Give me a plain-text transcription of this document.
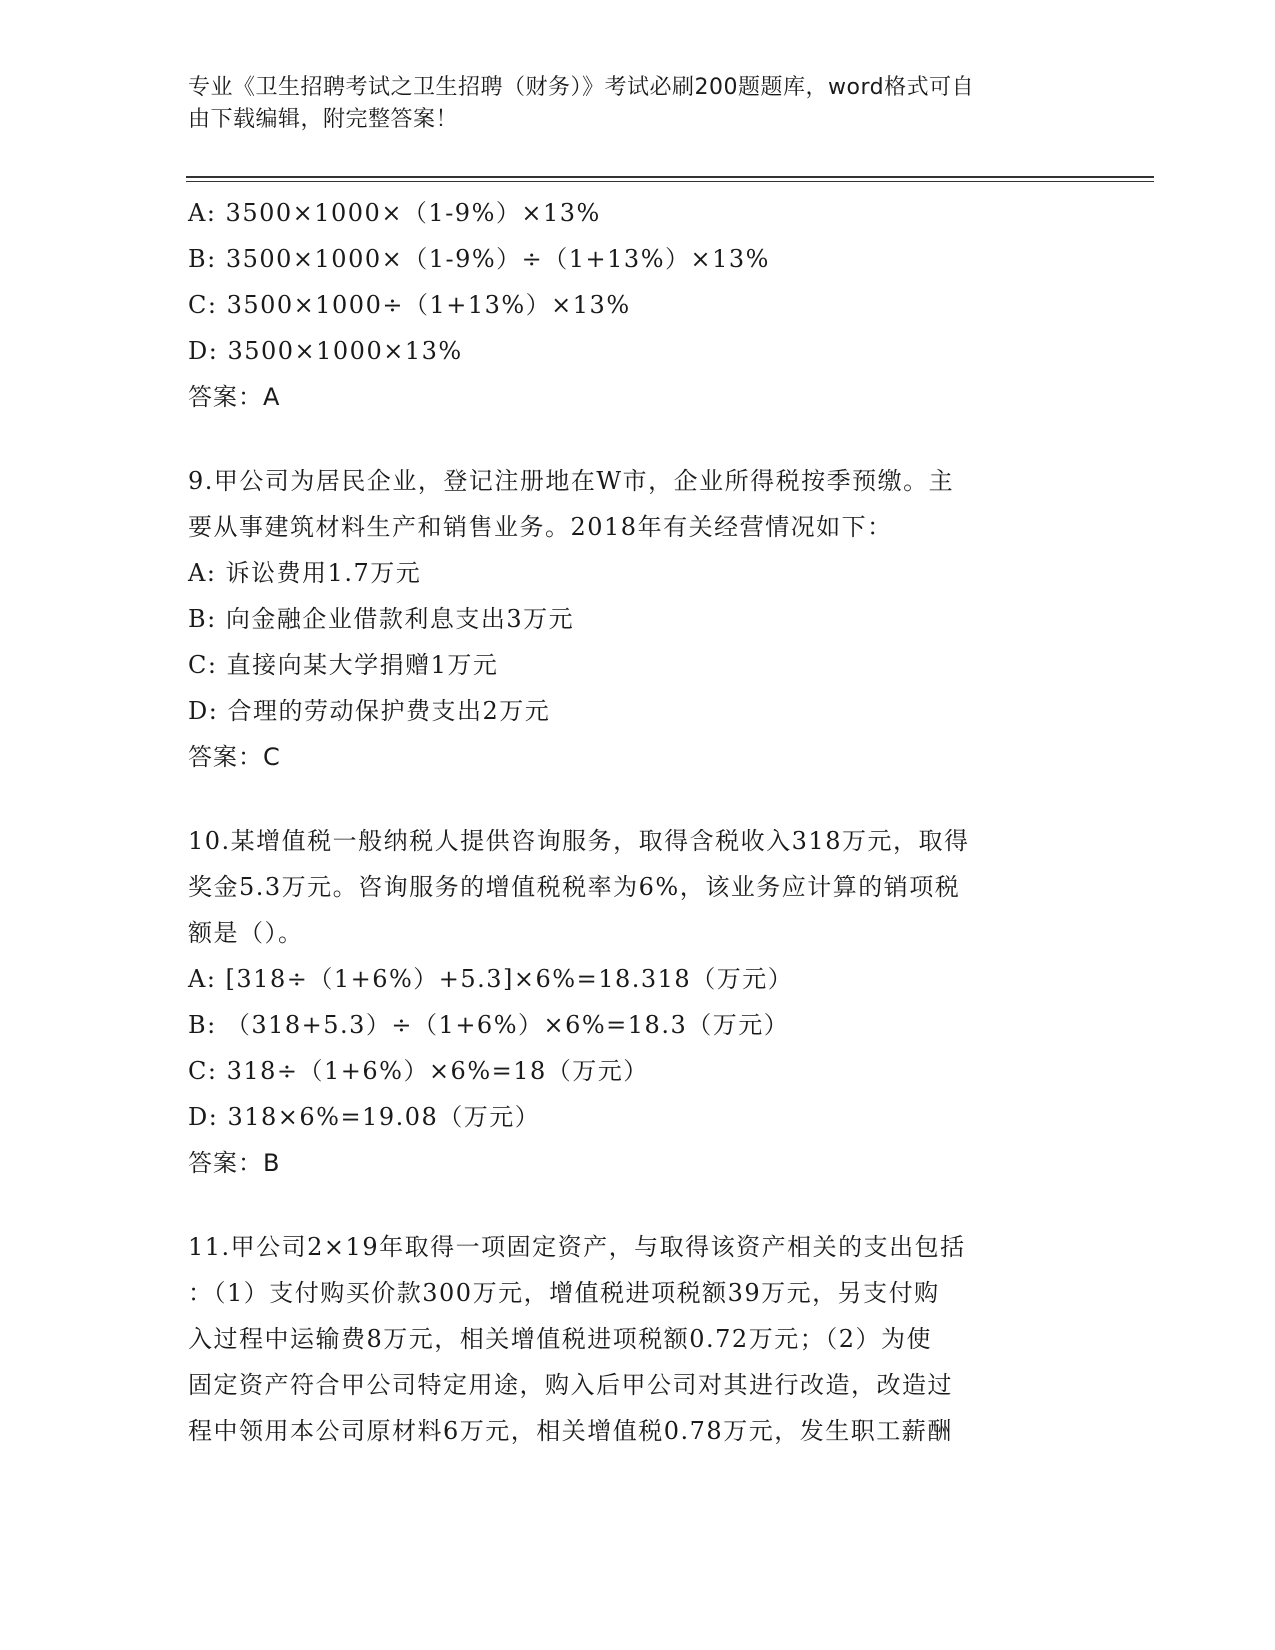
专业《卫生招聘考试之卫生招聘（财务）》考试必刷200题题库，word格式可自
由下载编辑，附完整答案！
A: 3500×1000×（1-9%）×13%
B: 3500×1000×（1-9%）÷（1+13%）×13%
C: 3500×1000÷（1+13%）×13%
D: 3500×1000×13%
答案：A
9.甲公司为居民企业，登记注册地在W市，企业所得税按季预缴。主
要从事建筑材料生产和销售业务。2018年有关经营情况如下：
A: 诉讼费用1.7万元
B: 向金融企业借款利息支出3万元
C: 直接向某大学捐赠1万元
D: 合理的劳动保护费支出2万元
答案：C
10.某增值税一般纳税人提供咨询服务，取得含税收入318万元，取得
奖金5.3万元。咨询服务的增值税税率为6%，该业务应计算的销项税
额是（）。
A: [318÷（1+6%）+5.3]×6%=18.318（万元）
B: （318+5.3）÷（1+6%）×6%=18.3（万元）
C: 318÷（1+6%）×6%=18（万元）
D: 318×6%=19.08（万元）
答案：B
11.甲公司2×19年取得一项固定资产，与取得该资产相关的支出包括
：（1）支付购买价款300万元，增值税进项税额39万元，另支付购
入过程中运输费8万元，相关增值税进项税额0.72万元；（2）为使
固定资产符合甲公司特定用途，购入后甲公司对其进行改造，改造过
程中领用本公司原材料6万元，相关增值税0.78万元，发生职工薪酬
